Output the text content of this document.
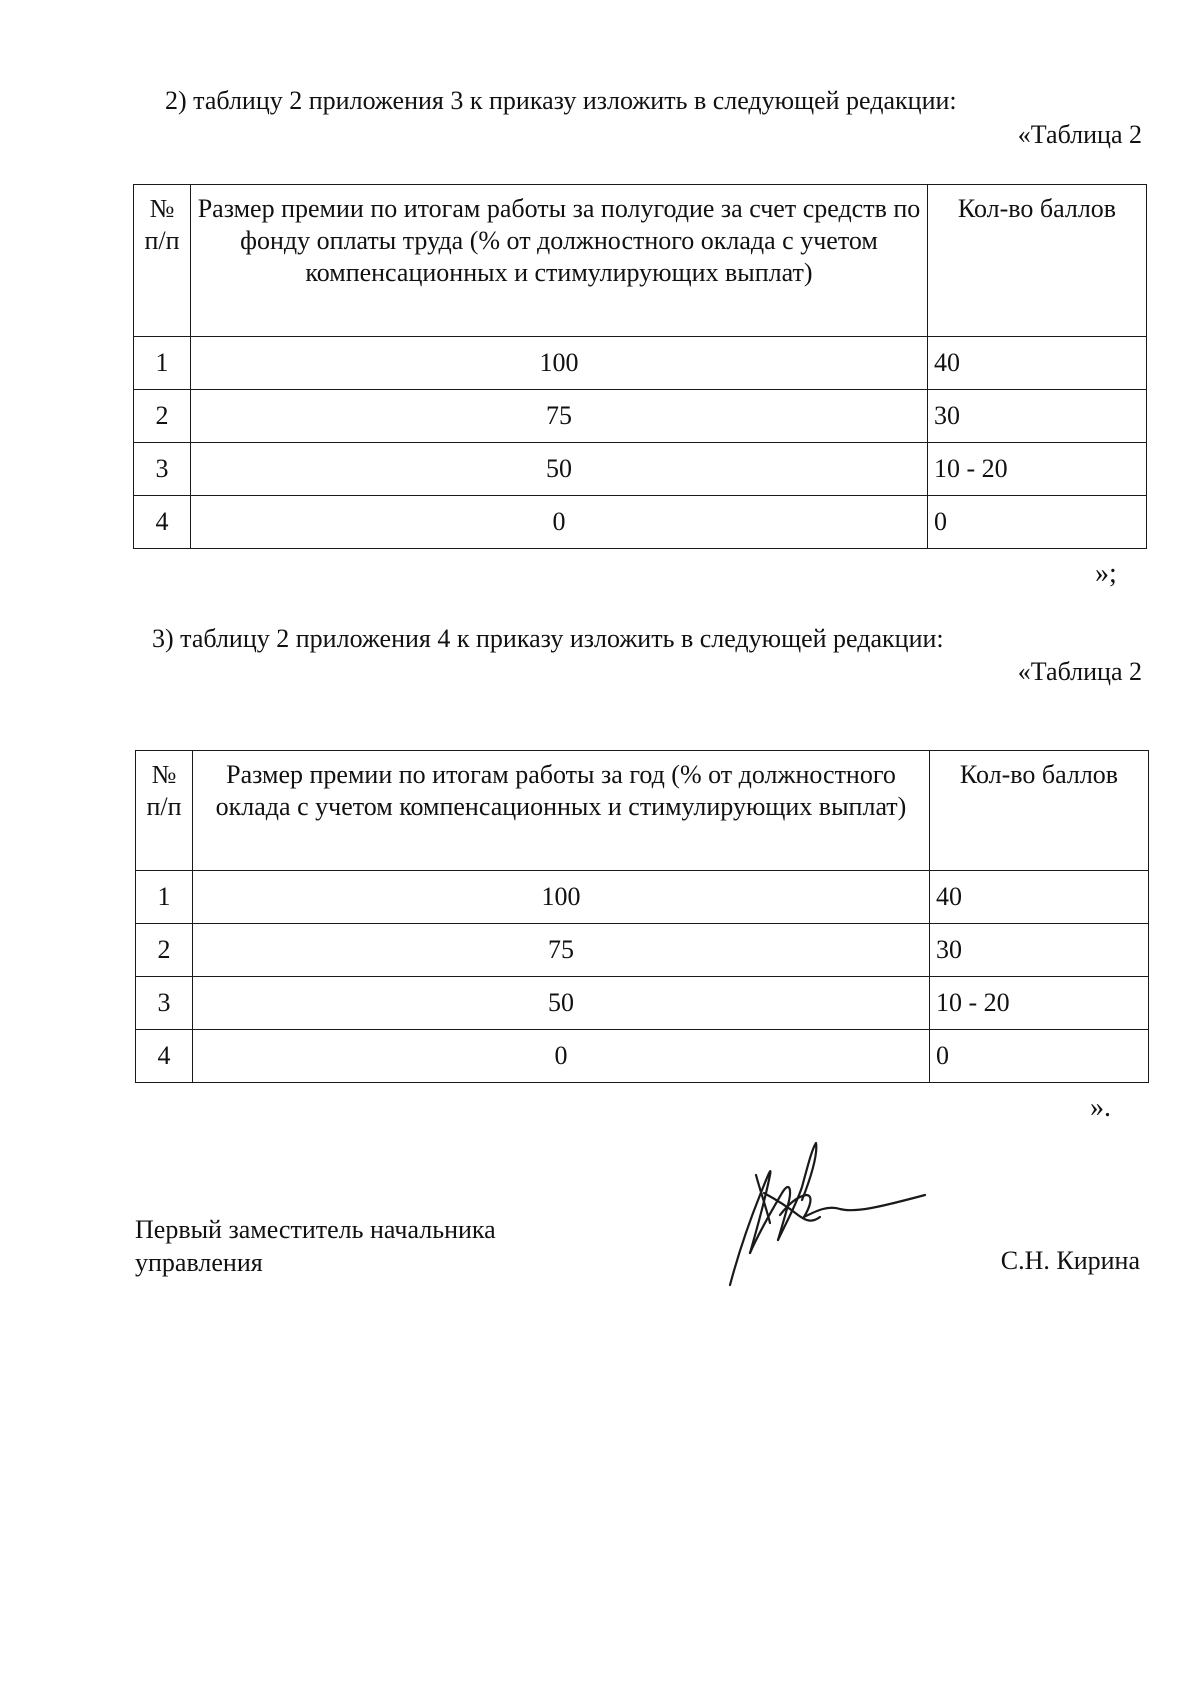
2) таблицу 2 приложения 3 к приказу изложить в следующей редакции:
«Таблица 2
№ п/п	Размер премии по итогам работы за полугодие за счет средств по фонду оплаты труда (% от должностного оклада с учетом компенсационных и стимулирующих выплат)	Кол-во баллов
1	100	40
2	75	30
3	50	10 - 20
4	0	0
»;
3) таблицу 2 приложения 4 к приказу изложить в следующей редакции:
«Таблица 2
№ п/п	Размер премии по итогам работы за год (% от должностного оклада с учетом компенсационных и стимулирующих выплат)	Кол-во баллов
1	100	40
2	75	30
3	50	10 - 20
4	0	0
».
Первый заместитель начальника
управления	С.Н. Кирина
